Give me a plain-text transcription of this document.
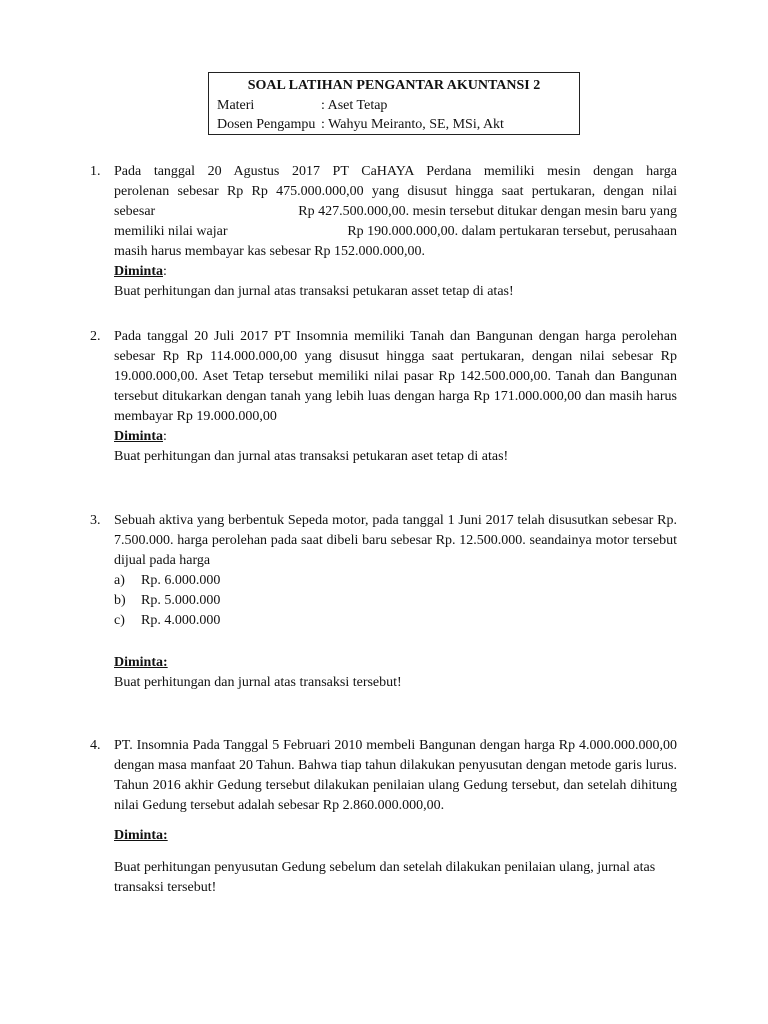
SOAL LATIHAN PENGANTAR AKUNTANSI 2
Materi	: Aset Tetap
Dosen Pengampu : Wahyu Meiranto, SE, MSi, Akt
1. Pada tanggal 20 Agustus 2017 PT CaHAYA Perdana memiliki mesin dengan harga
perolenan sebesar Rp Rp 475.000.000,00 yang disusut hingga saat pertukaran, dengan nilai
sebesar	Rp 427.500.000,00. mesin tersebut ditukar dengan mesin baru yang
memiliki nilai wajar	Rp 190.000.000,00. dalam pertukaran tersebut, perusahaan
masih harus membayar kas sebesar Rp 152.000.000,00.
Diminta:
Buat perhitungan dan jurnal atas transaksi petukaran asset tetap di atas!
2. Pada tanggal 20 Juli 2017 PT Insomnia memiliki Tanah dan Bangunan dengan harga perolehan sebesar Rp Rp 114.000.000,00 yang disusut hingga saat pertukaran, dengan nilai sebesar Rp 19.000.000,00. Aset Tetap tersebut memiliki nilai pasar Rp 142.500.000,00. Tanah dan Bangunan tersebut ditukarkan dengan tanah yang lebih luas dengan harga Rp 171.000.000,00 dan masih harus membayar Rp 19.000.000,00
Diminta:
Buat perhitungan dan jurnal atas transaksi petukaran aset tetap di atas!
3. Sebuah aktiva yang berbentuk Sepeda motor, pada tanggal 1 Juni 2017 telah disusutkan sebesar Rp. 7.500.000. harga perolehan pada saat dibeli baru sebesar Rp. 12.500.000. seandainya motor tersebut dijual pada harga
a)	Rp. 6.000.000
b)	Rp. 5.000.000
c)	Rp. 4.000.000
Diminta:
Buat perhitungan dan jurnal atas transaksi tersebut!
4. PT. Insomnia Pada Tanggal 5 Februari 2010 membeli Bangunan dengan harga Rp 4.000.000.000,00 dengan masa manfaat 20 Tahun. Bahwa tiap tahun dilakukan penyusutan dengan metode garis lurus. Tahun 2016 akhir Gedung tersebut dilakukan penilaian ulang Gedung tersebut, dan setelah dihitung nilai Gedung tersebut adalah sebesar Rp 2.860.000.000,00.
Diminta:
Buat perhitungan penyusutan Gedung sebelum dan setelah dilakukan penilaian ulang, jurnal atas transaksi tersebut!
